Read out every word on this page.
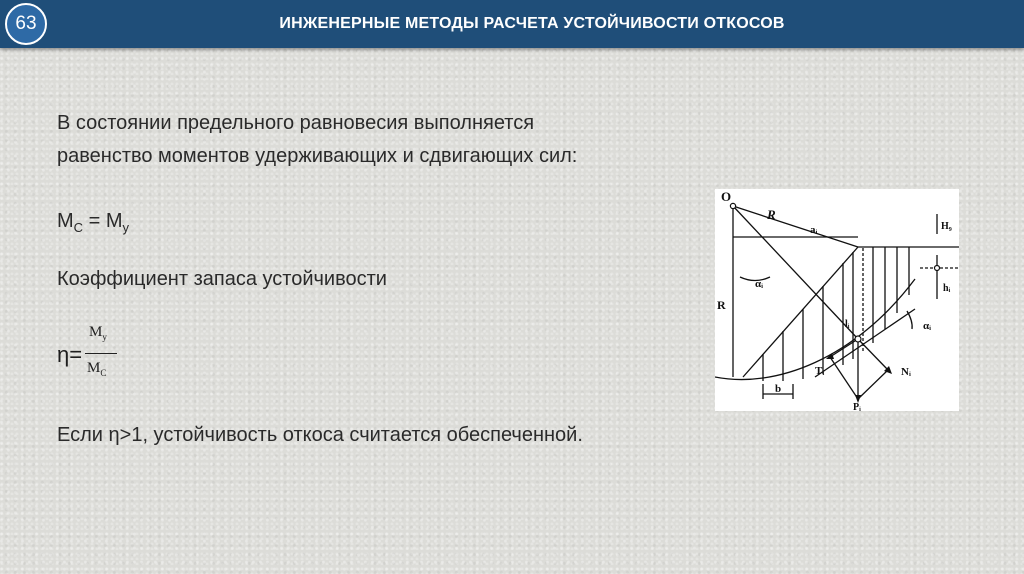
63	ИНЖЕНЕРНЫЕ МЕТОДЫ РАСЧЕТА УСТОЙЧИВОСТИ ОТКОСОВ
В состоянии предельного равновесия выполняется
равенство моментов удерживающих и сдвигающих сил:
$M_C = M_y$
Коэффициент запаса устойчивости
η=
$M_y$
$M_C$
Если η>1, устойчивость откоса считается обеспеченной.
O
R
R
aᵢ
αᵢ
αᵢ
H₉
hᵢ
lᵢ
Tᵢ	Nᵢ
Pᵢ
b
